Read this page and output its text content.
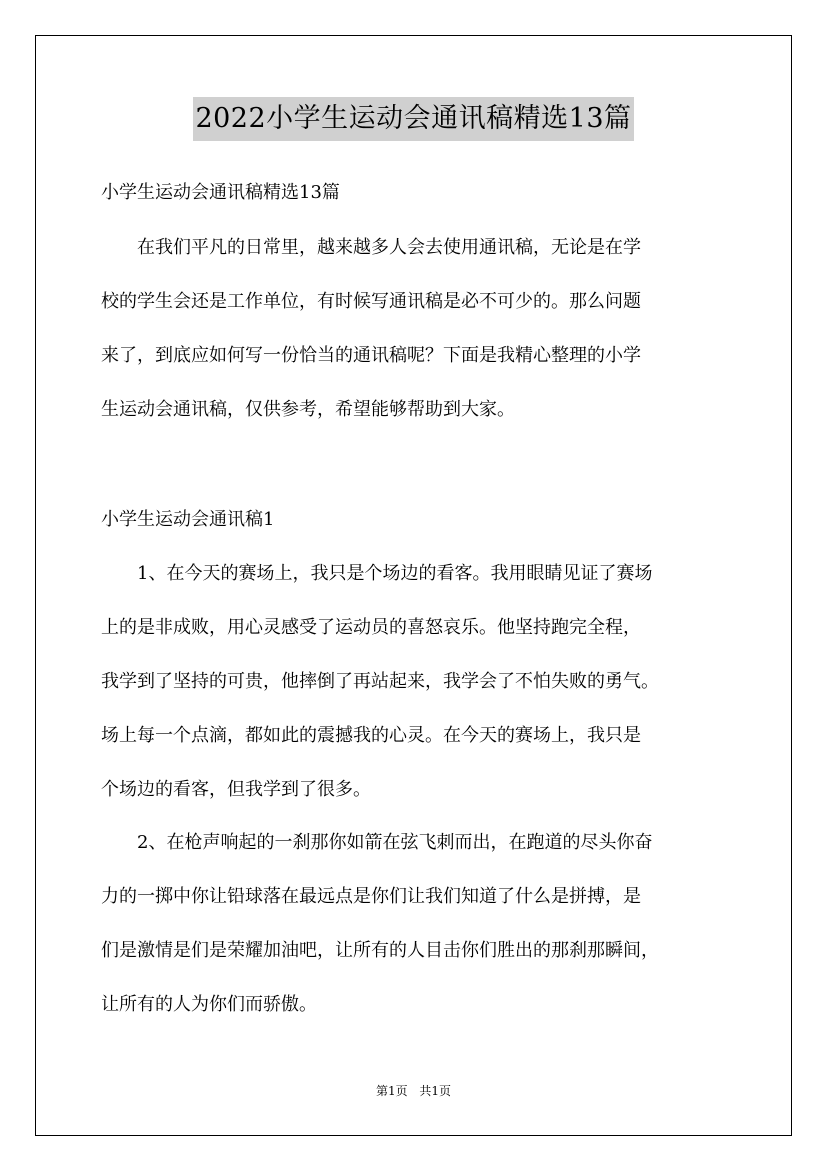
2022小学生运动会通讯稿精选13篇
小学生运动会通讯稿精选13篇
　　在我们平凡的日常里，越来越多人会去使用通讯稿，无论是在学
校的学生会还是工作单位，有时候写通讯稿是必不可少的。那么问题
来了，到底应如何写一份恰当的通讯稿呢？下面是我精心整理的小学
生运动会通讯稿，仅供参考，希望能够帮助到大家。
小学生运动会通讯稿1
　　1、在今天的赛场上，我只是个场边的看客。我用眼睛见证了赛场
上的是非成败，用心灵感受了运动员的喜怒哀乐。他坚持跑完全程，
我学到了坚持的可贵，他摔倒了再站起来，我学会了不怕失败的勇气。
场上每一个点滴，都如此的震撼我的心灵。在今天的赛场上，我只是
个场边的看客，但我学到了很多。
　　2、在枪声响起的一刹那你如箭在弦飞刺而出，在跑道的尽头你奋
力的一掷中你让铅球落在最远点是你们让我们知道了什么是拼搏，是
们是激情是们是荣耀加油吧，让所有的人目击你们胜出的那刹那瞬间，
让所有的人为你们而骄傲。
第1页 共1页
